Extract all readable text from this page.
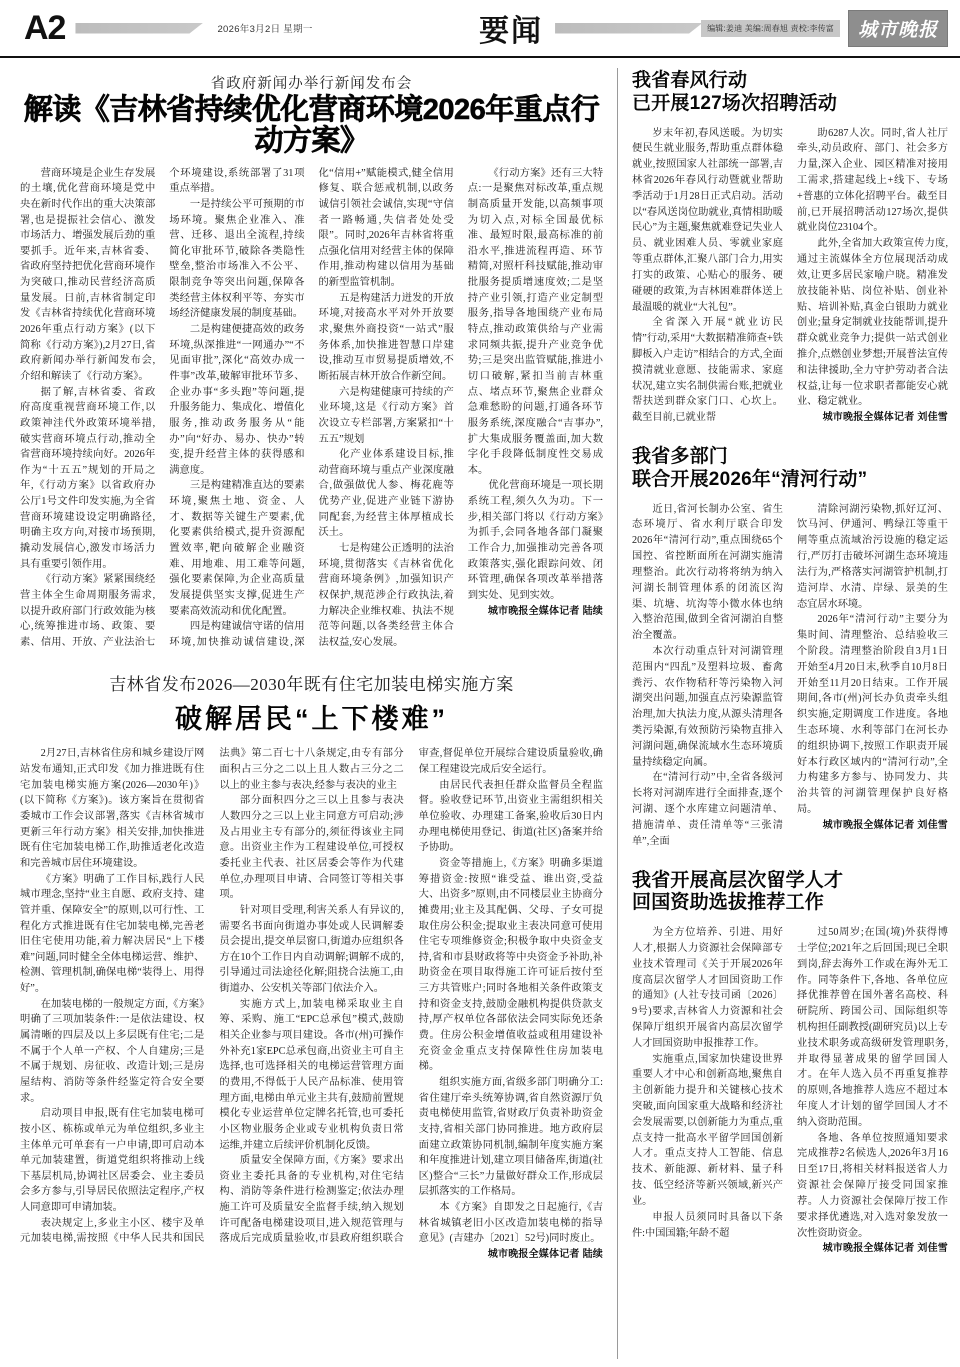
A2	2026年3月2日 星期一	要闻	编辑:姜迪 美编:周春旭 责校:李传富	城市晚报
省政府新闻办举行新闻发布会
解读《吉林省持续优化营商环境2026年重点行动方案》

营商环境是企业生存发展的土壤,优化营商环境是党中央在新时代作出的重大决策部署,也是提振社会信心、激发市场活力、增强发展后劲的重要抓手。近年来,吉林省委、省政府坚持把优化营商环境作为突破口,推动民营经济高质量发展。日前,吉林省制定印发《吉林省持续优化营商环境2026年重点行动方案》(以下简称《行动方案》),2月27日,省政府新闻办举行新闻发布会,介绍和解读了《行动方案》。

据了解,吉林省委、省政府高度重视营商环境工作,以政策神洼代外政策环境举措,破实营商环境点行动,推动全省营商环境持续向好。2026年作为“十五五”规划的开局之年,《行动方案》以省政府办公厅1号文件印发实施,为全省营商环境建设设定明确路径,明确主攻方向,对接市场预期,撬动发展信心,激发市场活力具有重要引领作用。

《行动方案》紧紧围绕经营主体全生命周期服务需求,以提升政府部门行政效能为核心,统筹推进市场、政策、要素、信用、开放、产业法治七个环境建设,系统部署了31项重点举措。

一是持续公平可预期的市场环境。聚焦企业准入、准营、迁移、退出全流程,持续简化审批环节,破除各类隐性壁垒,整治市场准入不公平、限制竞争等突出问题,保障各类经营主体权利平等、夯实市场经济健康发展的制度基础。

二是构建便捷高效的政务环境,纵深推进“一网通办”“不见面审批”,深化“高效办成一件事”改革,破解审批环节多、企业办事“多头跑”等问题,提升服务能力、集成化、增值化服务,推动政务服务从“能办”向“好办、易办、快办”转变,提升经营主体的获得感和满意度。

三是构建精准直达的要素环境,聚焦土地、资金、人才、数据等关键生产要素,优化要素供给模式,提升资源配置效率,靶向破解企业融资难、用地难、用工难等问题,强化要素保障,为企业高质量发展提供坚实支撑,促进生产要素高效流动和优化配置。

四是构建诚信守诺的信用环境,加快推动诚信建设,深化“信用+”赋能模式,健全信用修复、联合惩戒机制,以政务诚信引领社会诚信,实现“守信者一路畅通,失信者处处受限”。同时,2026年吉林省将重点强化信用对经营主体的保障作用,推动构建以信用为基础的新型监管机制。

五是构建活力迸发的开放环境,对接高水平对外开放要求,聚焦外商投资“一站式”服务体系,加快推进智慧口岸建设,推动互市贸易提质增效,不断拓展吉林开放合作新空间。

六是构建健康可持续的产业环境,这是《行动方案》首次设立专栏部署,方案紧扣“十五五”规划

化产业体系建设目标,推动营商环境与重点产业深度融合,做强做优人参、梅花鹿等优势产业,促进产业链下游协同配套,为经营主体厚植成长沃土。

七是构建公正透明的法治环境,贯彻落实《吉林省优化营商环境条例》,加强知识产权保护,规范涉企行政执法,着力解决企业维权难、执法不规范等问题,以各类经营主体合法权益,安心发展。

《行动方案》还有三大特点:一是聚焦对标改革,重点规制高质量开发能,以高频事项为切入点,对标全国最优标准、最短时限,最高标准的前沿水平,推进流程再造、环节精简,对照杆科技赋能,推动审批服务提质增速度效;二是坚持产业引领,打造产业定制型服务,指导各地围绕产业布局特点,推动政策供给与产业需求同频共振,提升产业竞争优势;三是突出监管赋能,推进小切口破解,紧扣当前吉林重点、堵点环节,聚焦企业群众急难愁盼的问题,打通各环节服务系统,深度融合“吉事办”,扩大集成服务覆盖面,加大数字化手段降低制度性交易成本。

优化营商环境是一项长期系统工程,须久久为功。下一步,相关部门将以《行动方案》为抓手,会同各地各部门凝聚工作合力,加强推动完善各项政策落实,强化跟踪问效、闭环管理,确保各项改革举措落到实处、见到实效。

城市晚报全媒体记者 陆续

吉林省发布2026—2030年既有住宅加装电梯实施方案
破解居民“上下楼难”

2月27日,吉林省住房和城乡建设厅网站发布通知,正式印发《加力推进既有住宅加装电梯实施方案(2026—2030年)》(以下简称《方案》)。该方案旨在贯彻省委城市工作会议部署,落实《吉林省城市更新三年行动方案》相关安排,加快推进既有住宅加装电梯工作,助推适老化改造和完善城市居住环境建设。

《方案》明确了工作目标,践行人民城市理念,坚持“业主自愿、政府支持、建管并重、保障安全”的原则,以可行性、工程化方式推进既有住宅加装电梯,完善老旧住宅使用功能,着力解决居民“上下楼难”问题,同时健全全体电梯运营、维护、检测、管理机制,确保电梯“装得上、用得好”。

在加装电梯的一般规定方面,《方案》明确了三项加装条件:一是依法建设、权属清晰的四层及以上多层既有住宅;二是不属于个人单一产权、个人自建房;三是不属于规划、房征收、改造计划;三是房屋结构、消防等条件经鉴定符合安全要求。

启动项目申报,既有住宅加装电梯可按小区、栋栋或单元为单位组织,多业主主体单元可单套有一户申请,即可启动本单元加装建置，街道党组织将推动上线下基层机局,协调社区居委会、业主委员会多方参与,引导居民依照法定程序,产权人同意即可申请加装。

表决规定上,多业主小区、楼宇及单元加装电梯,需按照《中华人民共和国民法典》第二百七十八条规定,由专有部分面积占三分之二以上且人数占三分之二以上的业主参与表决,经参与表决的业主

部分面积四分之三以上且参与表决人数四分之三以上业主同意方可启动;涉及占用业主专有部分的,须征得该业主同意。出资业主作为工程建设单位,可授权委托业主代表、社区居委会等作为代建单位,办理项目申请、合同签订等相关事项。

针对项目受理,利害关系人有异议的,需要名书面向街道办事处或人民调解委员会提出,提交单层窗口,街道办应组织各方在10个工作日内自动调解;调解不成的,引导通过司法途径化解;阻挠合法施工,由街道办、公安机关等部门依法介入。

实施方式上,加装电梯采取业主自筹、采购、施工“EPC总承包”模式,鼓励相关企业参与项目建设。各市(州)可操作外补充1家EPC总承包商,出资业主可自主选择,也可选择相关的电梯运营管理方面的费用,不得低于人民产品标准、使用管理方面,电梯由单元业主共有,鼓励前置规模化专业运营单位定牌名托管,也可委托小区物业服务企业或专业机构负责日常运维,并建立后续评价机制化反馈。

质量安全保障方面,《方案》要求出资业主委托具备的专业机构,对住宅结构、消防等条件进行检测鉴定;依法办理施工许可及质量安全监督手续,纳入规划许可配备电梯建设项目,进入规范管理与落成后完成质量验收,市县政府组织联合审查,督促单位开展综合建设质量验收,确保工程建设完成后安全运行。

由居民代表担任群众监督员全程监督。验收登记环节,出资业主需组织相关单位验收、办理建工备案,验收后30日内办理电梯使用登记、街道(社区)备案并给予协助。

资金等措施上,《方案》明确多渠道筹措资金:按照“谁受益、谁出资,受益大、出资多”原则,由不同楼层业主协商分摊费用;业主及其配偶、父母、子女可提取住房公积金;提取业主表决同意可使用住宅专项维修资金;积极争取中央资金支持,省和市县财政将等中央资金予补助,补助资金在项目取得施工许可证后按付至三方共管账户;同时各地相关条件政策支持和资金支持,鼓励金融机构提供贷款支持,厚产权单位各部依法会同实际免还条费。住房公积金增值收益或租用建设补充资金金重点支持保障性住房加装电梯。

组织实施方面,省级多部门明确分工:省住建厅牵头统筹协调,省自然资源厅负责电梯使用监管,省财政厅负责补助资金支持,省相关部门协同推进。地方政府层面建立政策协同机制,编制年度实施方案和年度推进计划,建立项目储备库,街道(社区)整合“三长”力量做好群众工作,形成层层抓落实的工作格局。

本《方案》自即发之日起施行,《吉林省城镇老旧小区改造加装电梯的指导意见》(吉建办〔2021〕52号)同时废止。

城市晚报全媒体记者 陆续

我省春风行动
已开展127场次招聘活动

岁末年初,春风送暖。为切实便民生就业服务,帮助重点群体稳就业,按照国家人社部统一部署,吉林省2026年春风行动暨就业帮助季活动于1月28日正式启动。活动以“春风送岗位助就业,真情相助暖民心”为主题,聚焦就难登记失业人员、就业困难人员、零就业家庭等重点群体,汇聚八部门合力,用实打实的政策、心贴心的服务、硬碰硬的政策,为吉林困难群体送上最温暖的就业“大礼包”。

全省深入开展“就业访民情”行动,采用“大数据精准筛查+铁脚板入户走访”相结合的方式,全面摸清就业意愿、技能需求、家庭状况,建立实名制供需台账,把就业帮扶送到群众家门口、心坎上。截至目前,已就业帮

助6287人次。同时,省人社厅牵头,动员政府、部门、社会多方力量,深入企业、园区精准对接用工需求,搭建起线上+线下、专场+普惠的立体化招聘平台。截至目前,已开展招聘活动127场次,提供就业岗位23104个。

此外,全省加大政策宣传力度,通过主流媒体全方位展现活动成效,让更多居民家喻户晓。精准发放技能补贴、岗位补贴、创业补贴、培训补贴,真金白银助力就业创业;量身定制就业技能帮训,提升群众就业竞争力;提供一站式创业推介,点燃创业梦想;开展普法宣传和法律援助,全力守护劳动者合法权益,让每一位求职者都能安心就业、稳定就业。

城市晚报全媒体记者 刘佳雪

我省多部门
联合开展2026年“清河行动”

近日,省河长制办公室、省生态环境厅、省水利厅联合印发2026年“清河行动”,重点围绕65个国控、省控断面所在河湖实施清理整治。此次行动将将纳为纳入河湖长制管理体系的闭流区沟渠、坑塘、坑沟等小微水体也纳入整治范围,做到全省河湖泊自整治全覆盖。

本次行动重点针对河湖管理范围内“四乱”及塑料垃圾、畜禽粪污、农作物秸秆等污染物入河湖突出问题,加强直点污染源监管治理,加大执法力度,从源头清理各类污染源,有效预防污染物直排入河湖问题,确保流域水生态环境质量持续稳定向属。

在“清河行动”中,全省各级河长将对河湖库进行全面排查,逐个河湖、逐个水库建立问题清单、措施清单、责任清单等“三张清单”,全面

清除河湖污染物,抓好辽河、饮马河、伊通河、鸭绿江等重干闸等重点流域治污设施的稳定运行,严厉打击破坏河湖生态环境违法行为,严格落实河湖管护机制,打造河岸、水清、岸绿、景美的生态宜居水环境。

2026年“清河行动”主要分为集时间、清理整治、总结验收三个阶段。清理整治阶段自3月1日开始至4月20日末,秋季自10月8日开始至11月20日结束。工作开展期间,各市(州)河长办负责牵头组织实施,定期调度工作进度。各地生态环境、水利等部门在河长办的组织协调下,按照工作职责开展好本行政区域内的“清河行动”,全力构建多方参与、协同发力、共治共管的河湖管理保护良好格局。

城市晚报全媒体记者 刘佳雪

我省开展高层次留学人才
回国资助选拔推荐工作

为全方位培养、引进、用好人才,根据人力资源社会保障部专业技术管理司《关于开展2026年度高层次留学人才回国资助工作的通知》(人社专技司函〔2026〕9号)要求,吉林省人力资源和社会保障厅组织开展省内高层次留学人才回国资助申报推荐工作。

实施重点,国家加快建设世界重要人才中心和创新高地,聚焦自主创新能力提升和关键核心技术突破,面向国家重大战略和经济社会发展需要,以创新能力为重点,重点支持一批高水平留学回国创新人才。重点支持人工智能、信息技术、新能源、新材料、量子科技、低空经济等新兴领域,新兴产业。

申报人员须同时具备以下条件:中国国籍;年龄不超

过50周岁;在国(境)外获得博士学位;2021年之后回国;现已全职到岗,辞去海外工作或在海外无工作。同等条件下,各地、各单位应择优推荐曾在国外著名高校、科研院所、跨国公司、国际组织等机构担任副教授(副研究员)以上专业技术职务或高级研发管理职务,并取得显著成果的留学回国人才。在年人选入员不再重复推荐的原则,各地推荐人选应不超过本年度人才计划的留学回国人才不纳入资助范围。

各地、各单位按照通知要求完成推荐2名候选人,2026年3月16日至17日,将相关材料报送省人力资源社会保障厅接受同国家推荐。人力资源社会保障厅按工作要求择优遴选,对入选对象发放一次性资助资金。

城市晚报全媒体记者 刘佳雪
